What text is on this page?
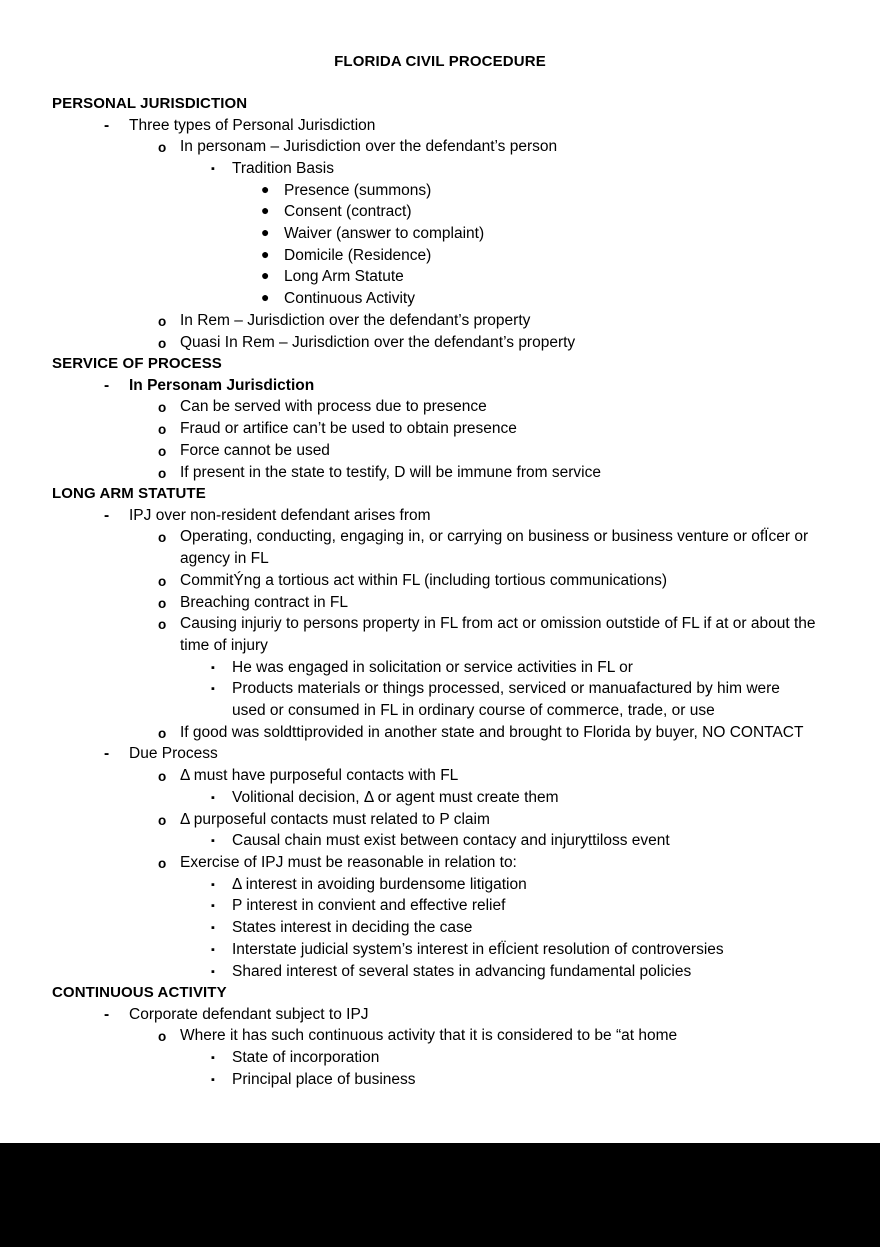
FLORIDA CIVIL PROCEDURE
PERSONAL JURISDICTION
- Three types of Personal Jurisdiction
o In personam – Jurisdiction over the defendant’s person
▪ Tradition Basis
● Presence (summons)
● Consent (contract)
● Waiver (answer to complaint)
● Domicile (Residence)
● Long Arm Statute
● Continuous Activity
o In Rem – Jurisdiction over the defendant’s property
o Quasi In Rem – Jurisdiction over the defendant’s property
SERVICE OF PROCESS
- In Personam Jurisdiction
o Can be served with process due to presence
o Fraud or artifice can’t be used to obtain presence
o Force cannot be used
o If present in the state to testify, D will be immune from service
LONG ARM STATUTE
- IPJ over non-resident defendant arises from
o Operating, conducting, engaging in, or carrying on business or business venture or ofÏcer or agency in FL
o CommitÝng a tortious act within FL (including tortious communications)
o Breaching contract in FL
o Causing injuriy to persons property in FL from act or omission outstide of FL if at or about the time of injury
▪ He was engaged in solicitation or service activities in FL or
▪ Products materials or things processed, serviced or manuafactured by him were used or consumed in FL in ordinary course of commerce, trade, or use
o If good was soldttiprovided in another state and brought to Florida by buyer, NO CONTACT
- Due Process
o Δ must have purposeful contacts with FL
▪ Volitional decision, Δ or agent must create them
o Δ purposeful contacts must related to P claim
▪ Causal chain must exist between contacy and injuryttiloss event
o Exercise of IPJ must be reasonable in relation to:
▪ Δ interest in avoiding burdensome litigation
▪ P interest in convient and effective relief
▪ States interest in deciding the case
▪ Interstate judicial system’s interest in efÏcient resolution of controversies
▪ Shared interest of several states in advancing fundamental policies
CONTINUOUS ACTIVITY
- Corporate defendant subject to IPJ
o Where it has such continuous activity that it is considered to be “at home
▪ State of incorporation
▪ Principal place of business
